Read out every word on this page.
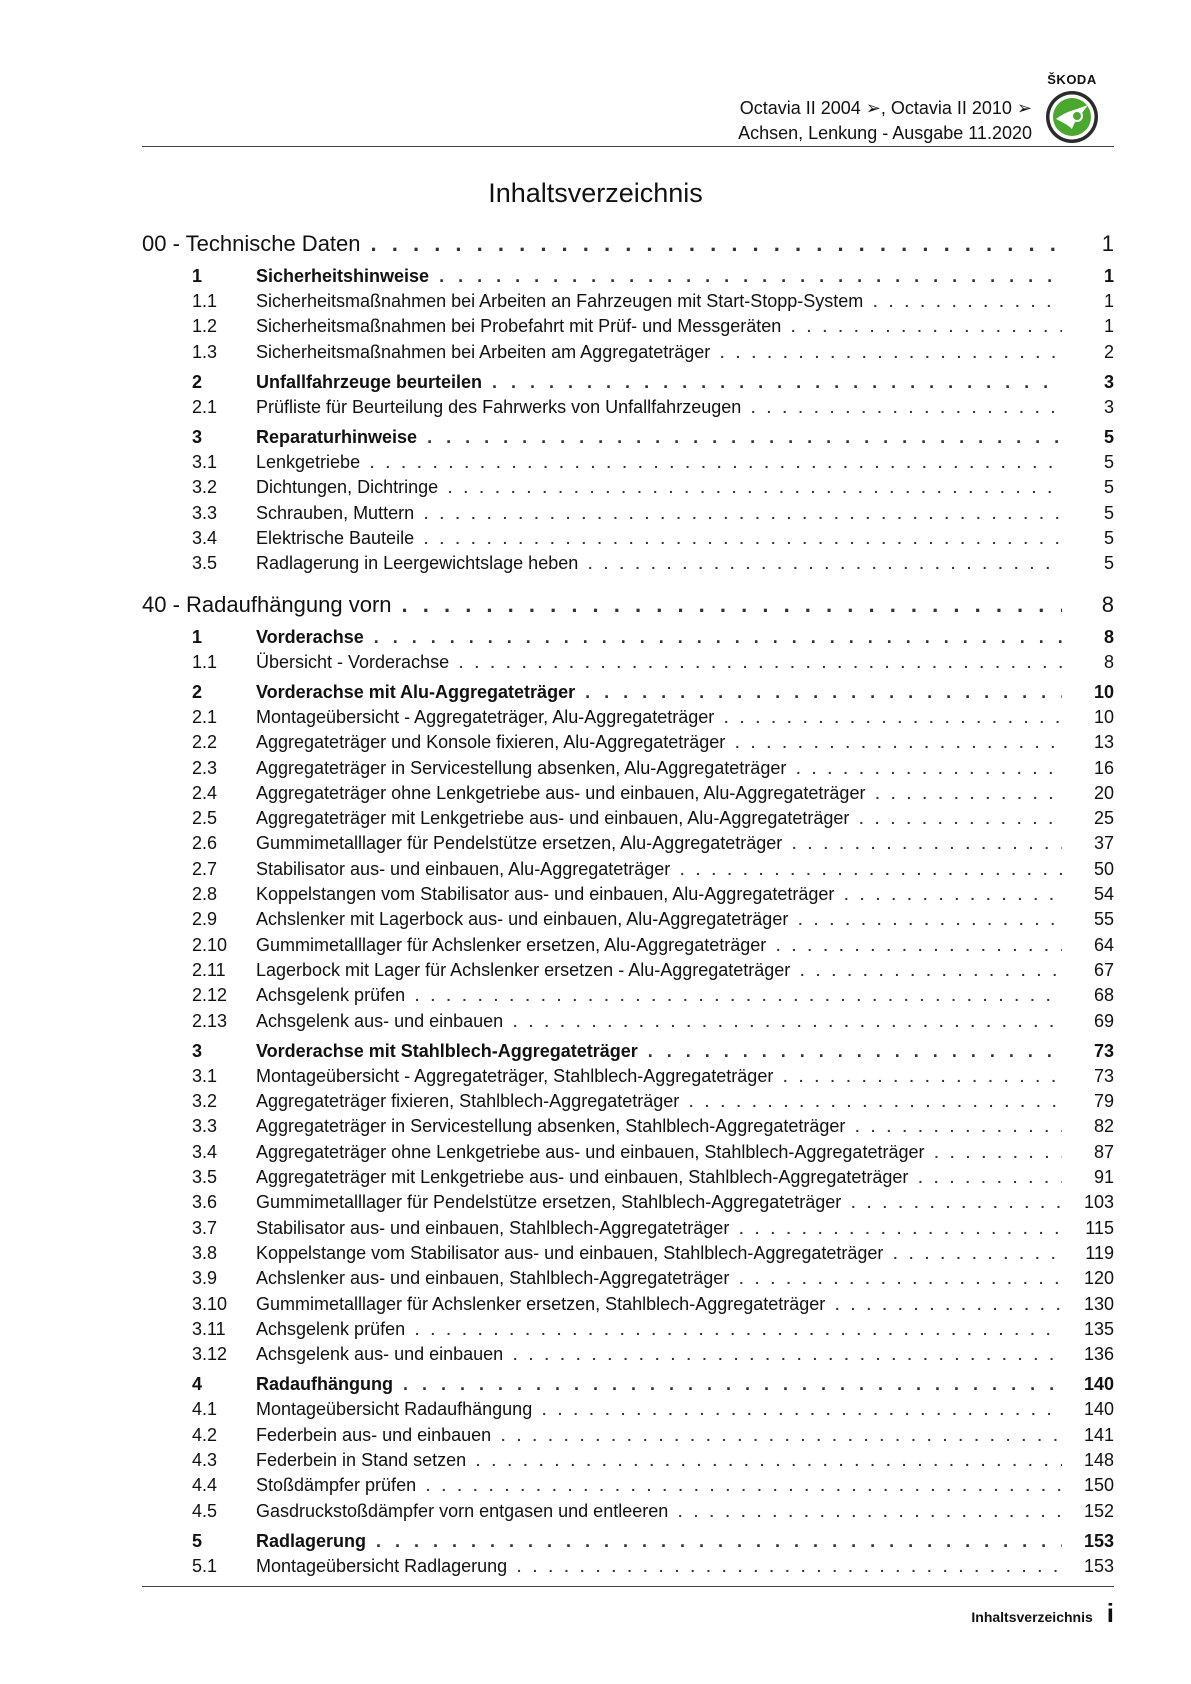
ŠKODA
Octavia II 2004 ➢, Octavia II 2010 ➢
Achsen, Lenkung - Ausgabe 11.2020
Inhaltsverzeichnis
00 - Technische Daten . . .	1
1	Sicherheitshinweise . . .	1
1.1	Sicherheitsmaßnahmen bei Arbeiten an Fahrzeugen mit Start-Stopp-System . . .	1
1.2	Sicherheitsmaßnahmen bei Probefahrt mit Prüf- und Messgeräten . . .	1
1.3	Sicherheitsmaßnahmen bei Arbeiten am Aggregateträger . . .	2
2	Unfallfahrzeuge beurteilen . . .	3
2.1	Prüfliste für Beurteilung des Fahrwerks von Unfallfahrzeugen . . .	3
3	Reparaturhinweise . . .	5
3.1	Lenkgetriebe . . .	5
3.2	Dichtungen, Dichtringe . . .	5
3.3	Schrauben, Muttern . . .	5
3.4	Elektrische Bauteile . . .	5
3.5	Radlagerung in Leergewichtslage heben . . .	5
40 - Radaufhängung vorn . . .	8
1	Vorderachse . . .	8
1.1	Übersicht - Vorderachse . . .	8
2	Vorderachse mit Alu-Aggregateträger . . .	10
2.1	Montageübersicht - Aggregateträger, Alu-Aggregateträger . . .	10
2.2	Aggregateträger und Konsole fixieren, Alu-Aggregateträger . . .	13
2.3	Aggregateträger in Servicestellung absenken, Alu-Aggregateträger . . .	16
2.4	Aggregateträger ohne Lenkgetriebe aus- und einbauen, Alu-Aggregateträger . . .	20
2.5	Aggregateträger mit Lenkgetriebe aus- und einbauen, Alu-Aggregateträger . . .	25
2.6	Gummimetalllager für Pendelstütze ersetzen, Alu-Aggregateträger . . .	37
2.7	Stabilisator aus- und einbauen, Alu-Aggregateträger . . .	50
2.8	Koppelstangen vom Stabilisator aus- und einbauen, Alu-Aggregateträger . . .	54
2.9	Achslenker mit Lagerbock aus- und einbauen, Alu-Aggregateträger . . .	55
2.10	Gummimetalllager für Achslenker ersetzen, Alu-Aggregateträger . . .	64
2.11	Lagerbock mit Lager für Achslenker ersetzen - Alu-Aggregateträger . . .	67
2.12	Achsgelenk prüfen . . .	68
2.13	Achsgelenk aus- und einbauen . . .	69
3	Vorderachse mit Stahlblech-Aggregateträger . . .	73
3.1	Montageübersicht - Aggregateträger, Stahlblech-Aggregateträger . . .	73
3.2	Aggregateträger fixieren, Stahlblech-Aggregateträger . . .	79
3.3	Aggregateträger in Servicestellung absenken, Stahlblech-Aggregateträger . . .	82
3.4	Aggregateträger ohne Lenkgetriebe aus- und einbauen, Stahlblech-Aggregateträger . . .	87
3.5	Aggregateträger mit Lenkgetriebe aus- und einbauen, Stahlblech-Aggregateträger . . .	91
3.6	Gummimetalllager für Pendelstütze ersetzen, Stahlblech-Aggregateträger . . .	103
3.7	Stabilisator aus- und einbauen, Stahlblech-Aggregateträger . . .	115
3.8	Koppelstange vom Stabilisator aus- und einbauen, Stahlblech-Aggregateträger . . .	119
3.9	Achslenker aus- und einbauen, Stahlblech-Aggregateträger . . .	120
3.10	Gummimetalllager für Achslenker ersetzen, Stahlblech-Aggregateträger . . .	130
3.11	Achsgelenk prüfen . . .	135
3.12	Achsgelenk aus- und einbauen . . .	136
4	Radaufhängung . . .	140
4.1	Montageübersicht Radaufhängung . . .	140
4.2	Federbein aus- und einbauen . . .	141
4.3	Federbein in Stand setzen . . .	148
4.4	Stoßdämpfer prüfen . . .	150
4.5	Gasdruckstoßdämpfer vorn entgasen und entleeren . . .	152
5	Radlagerung . . .	153
5.1	Montageübersicht Radlagerung . . .	153
Inhaltsverzeichnis i
